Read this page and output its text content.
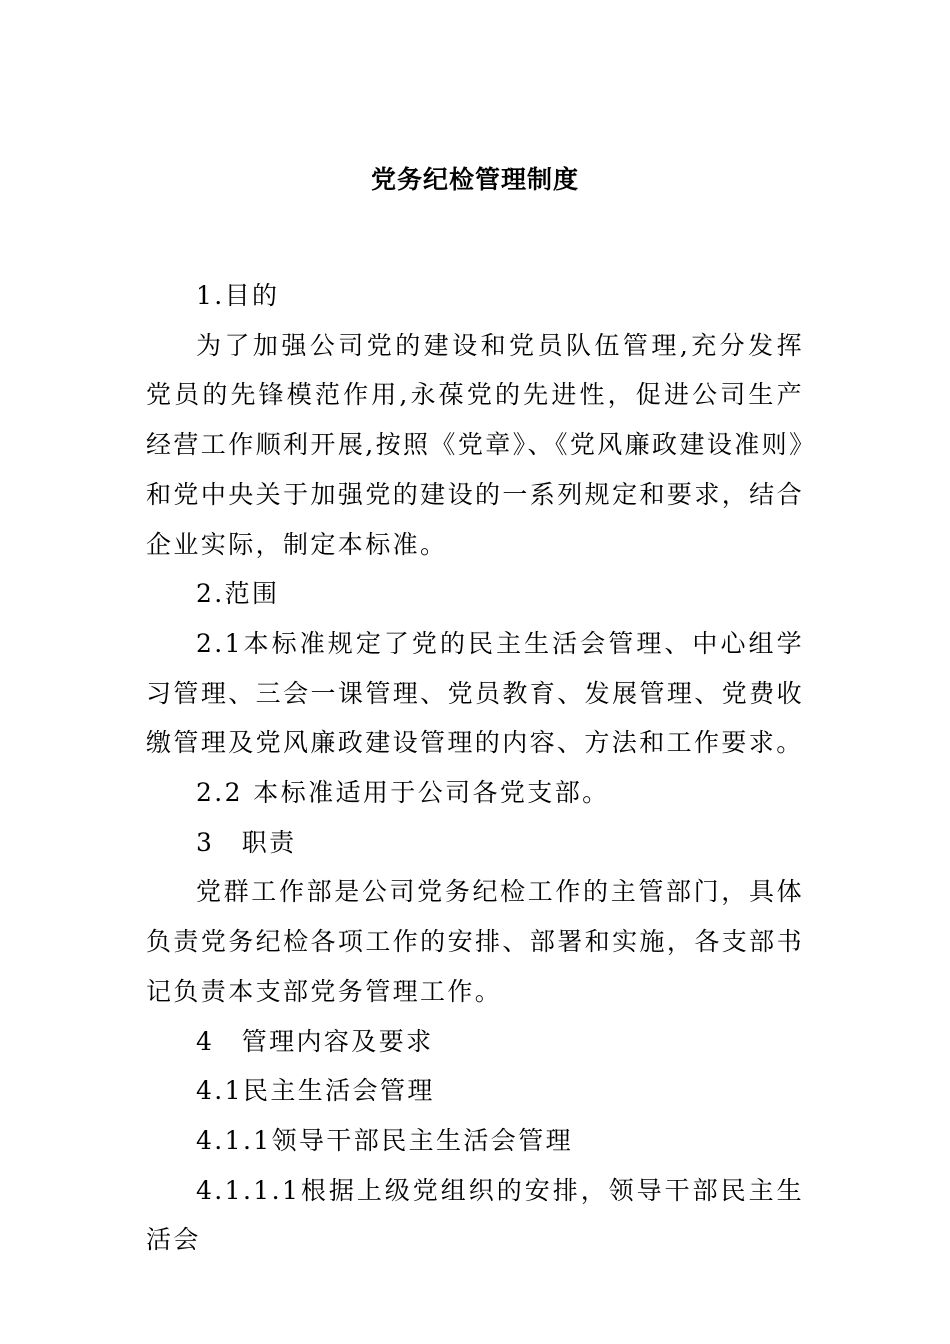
党务纪检管理制度

1.目的

为了加强公司党的建设和党员队伍管理,充分发挥党员的先锋模范作用,永葆党的先进性，促进公司生产经营工作顺利开展,按照《党章》、《党风廉政建设准则》和党中央关于加强党的建设的一系列规定和要求，结合企业实际，制定本标准。

2.范围

2.1本标准规定了党的民主生活会管理、中心组学习管理、三会一课管理、党员教育、发展管理、党费收缴管理及党风廉政建设管理的内容、方法和工作要求。

2.2 本标准适用于公司各党支部。

3　职责

党群工作部是公司党务纪检工作的主管部门，具体负责党务纪检各项工作的安排、部署和实施，各支部书记负责本支部党务管理工作。

4　管理内容及要求

4.1民主生活会管理

4.1.1领导干部民主生活会管理

4.1.1.1根据上级党组织的安排，领导干部民主生活会
